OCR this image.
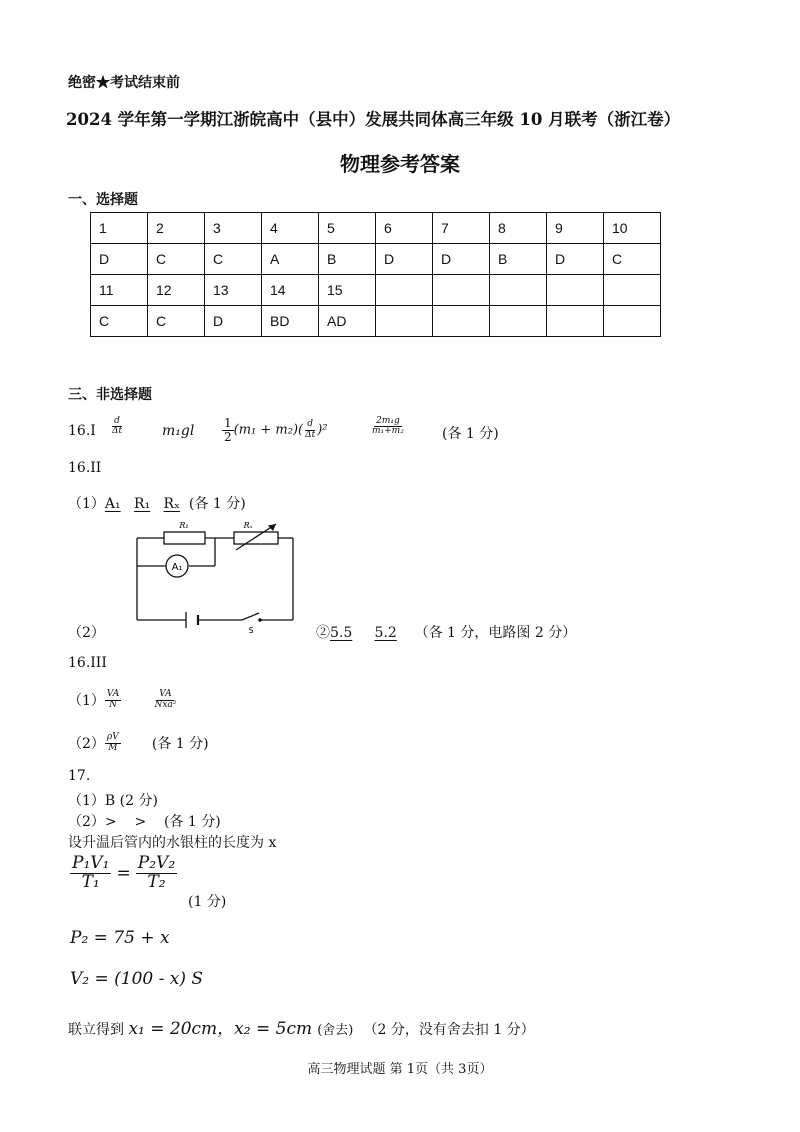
绝密★考试结束前
2024 学年第一学期江浙皖高中（县中）发展共同体高三年级 10 月联考（浙江卷）
物理参考答案
一、选择题
1	2	3	4	5	6	7	8	9	10
D	C	C	A	B	D	D	B	D	C
11	12	13	14	15					
C	C	D	BD	AD					
三、非选择题
$16.I \frac{d}{\Delta t}$	$m_1gl \frac{1}{2} (m_1 + m_2)( \frac{d}{\Delta t} )^2$	$\frac{\text{2m₁g}}{\text{m₁+m₂}}$	(各 1 分)
16.II
（1）A₁ R₁ Rₓ (各 1 分)
A₁
R₁	Rₓ
S
（2）	②5.5 5.2 （各 1 分，电路图 2 分）
16.III
$(1) \frac{VA}{N}$
	$\frac{VA}{\text{Nxa²}}$
$(2) \frac{\rho V}{M}$ (各 1 分)
17.
（1）B (2 分)
（2）>    >    (各 1 分)
设升温后管内的水银柱的长度为 x
$\frac{\text{P₁V₁}}{\text{T₁}} = \frac{\text{P₂V₂}}{\text{T₂}}$
(1 分)
P₂ = 75 + x
V₂ = (100 - x) S
联立得到 x₁ = 20cm，x₂ = 5cm (舍去) （2 分，没有舍去扣 1 分）
高三物理试题 第 1页（共 3页）
